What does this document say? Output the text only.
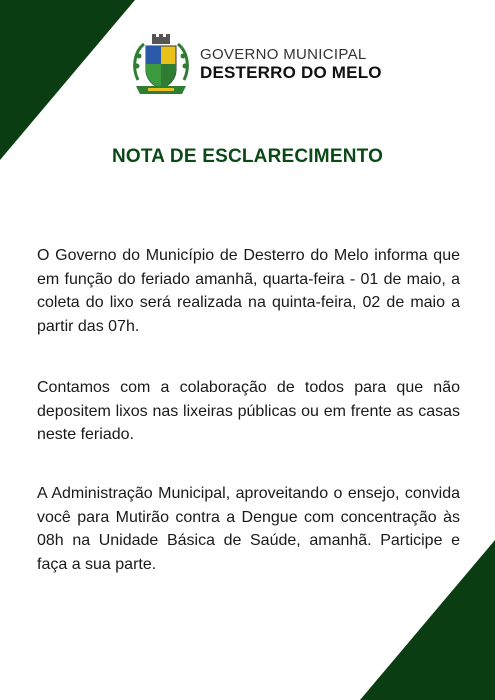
GOVERNO MUNICIPAL
DESTERRO DO MELO
NOTA DE ESCLARECIMENTO
O Governo do Município de Desterro do Melo informa que em função do feriado amanhã, quarta-feira - 01 de maio, a coleta do lixo será realizada na quinta-feira, 02 de maio a partir das 07h.
Contamos com a colaboração de todos para que não depositem lixos nas lixeiras públicas ou em frente as casas neste feriado.
A Administração Municipal, aproveitando o ensejo, convida você para Mutirão contra a Dengue com concentração às 08h na Unidade Básica de Saúde, amanhã. Participe e faça a sua parte.
